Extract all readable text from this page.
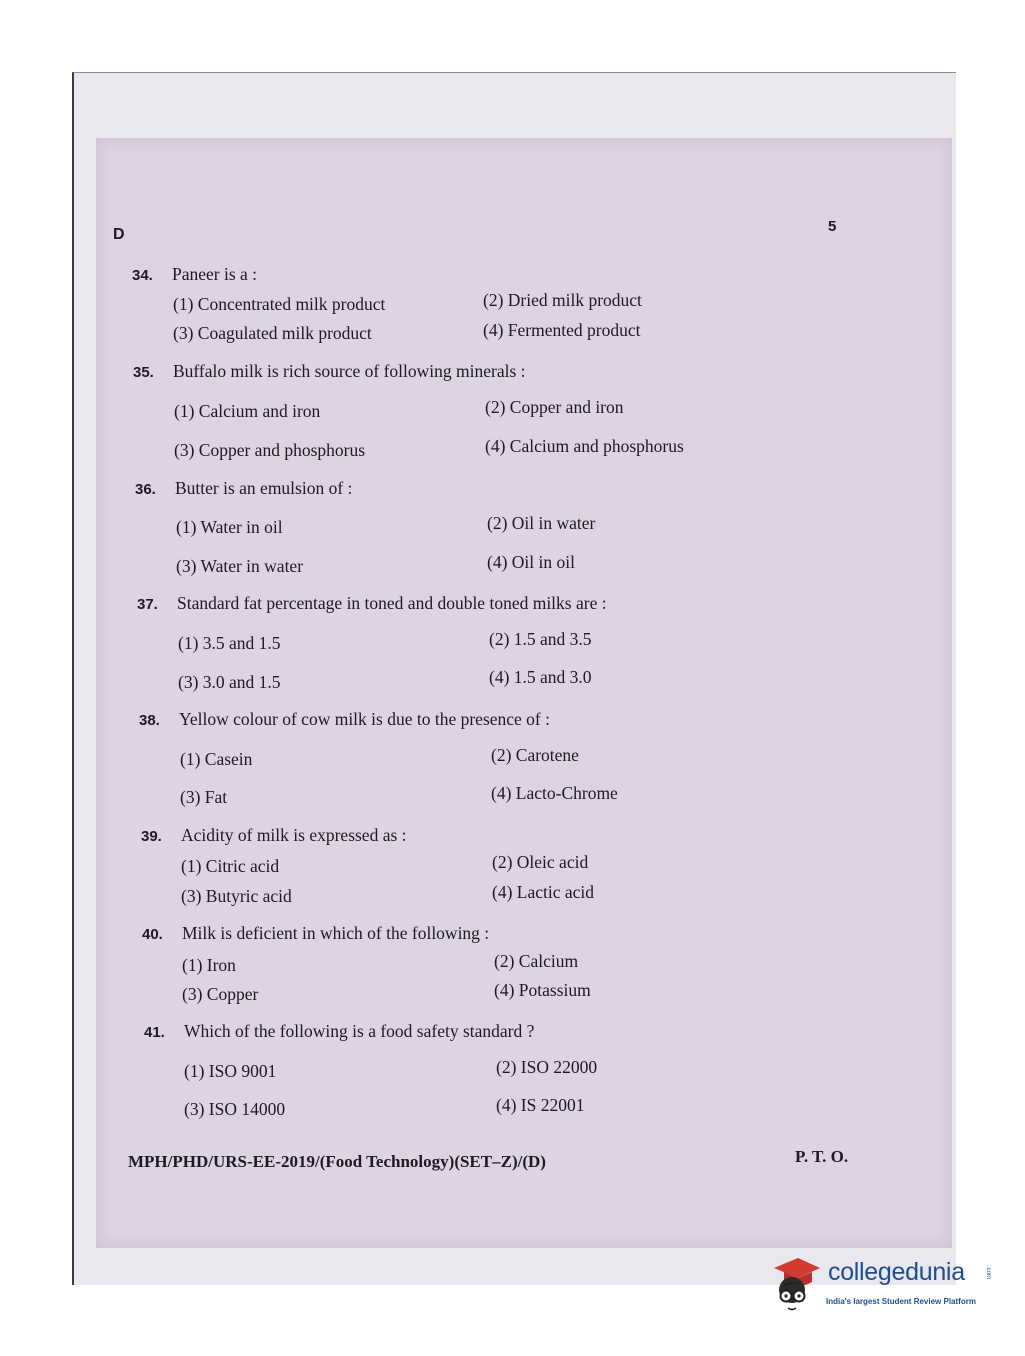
D	5
34. Paneer is a :
(1) Concentrated milk product	(2) Dried milk product
(3) Coagulated milk product	(4) Fermented product
35. Buffalo milk is rich source of following minerals :
(1) Calcium and iron	(2) Copper and iron
(3) Copper and phosphorus	(4) Calcium and phosphorus
36. Butter is an emulsion of :
(1) Water in oil	(2) Oil in water
(3) Water in water	(4) Oil in oil
37. Standard fat percentage in toned and double toned milks are :
(1) 3.5 and 1.5	(2) 1.5 and 3.5
(3) 3.0 and 1.5	(4) 1.5 and 3.0
38. Yellow colour of cow milk is due to the presence of :
(1) Casein	(2) Carotene
(3) Fat	(4) Lacto-Chrome
39. Acidity of milk is expressed as :
(1) Citric acid	(2) Oleic acid
(3) Butyric acid	(4) Lactic acid
40. Milk is deficient in which of the following :
(1) Iron	(2) Calcium
(3) Copper	(4) Potassium
41. Which of the following is a food safety standard ?
(1) ISO 9001	(2) ISO 22000
(3) ISO 14000	(4) IS 22001
MPH/PHD/URS-EE-2019/(Food Technology)(SET–Z)/(D)	P. T. O.
collegedunia	.com
India's largest Student Review Platform
